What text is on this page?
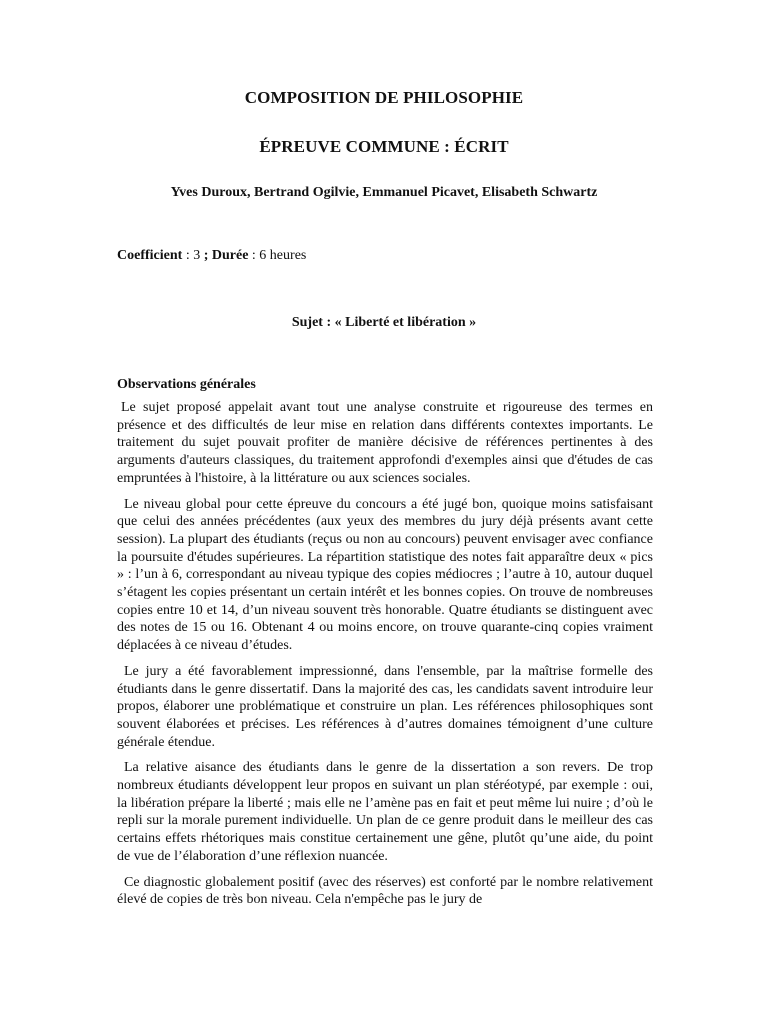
COMPOSITION DE PHILOSOPHIE
ÉPREUVE COMMUNE : ÉCRIT
Yves Duroux, Bertrand Ogilvie, Emmanuel Picavet, Elisabeth Schwartz
Coefficient : 3 ; Durée : 6 heures
Sujet : « Liberté et libération »
Observations générales

Le sujet proposé appelait avant tout une analyse construite et rigoureuse des termes en présence et des difficultés de leur mise en relation dans différents contextes importants. Le traitement du sujet pouvait profiter de manière décisive de références pertinentes à des arguments d'auteurs classiques, du traitement approfondi d'exemples ainsi que d'études de cas empruntées à l'histoire, à la littérature ou aux sciences sociales.

Le niveau global pour cette épreuve du concours a été jugé bon, quoique moins satisfaisant que celui des années précédentes (aux yeux des membres du jury déjà présents avant cette session). La plupart des étudiants (reçus ou non au concours) peuvent envisager avec confiance la poursuite d'études supérieures. La répartition statistique des notes fait apparaître deux « pics » : l’un à 6, correspondant au niveau typique des copies médiocres ; l’autre à 10, autour duquel s’étagent les copies présentant un certain intérêt et les bonnes copies. On trouve de nombreuses copies entre 10 et 14, d’un niveau souvent très honorable. Quatre étudiants se distinguent avec des notes de 15 ou 16. Obtenant 4 ou moins encore, on trouve quarante-cinq copies vraiment déplacées à ce niveau d’études.

Le jury a été favorablement impressionné, dans l'ensemble, par la maîtrise formelle des étudiants dans le genre dissertatif. Dans la majorité des cas, les candidats savent introduire leur propos, élaborer une problématique et construire un plan. Les références philosophiques sont souvent élaborées et précises. Les références à d’autres domaines témoignent d’une culture générale étendue.

La relative aisance des étudiants dans le genre de la dissertation a son revers. De trop nombreux étudiants développent leur propos en suivant un plan stéréotypé, par exemple : oui, la libération prépare la liberté ; mais elle ne l’amène pas en fait et peut même lui nuire ; d’où le repli sur la morale purement individuelle. Un plan de ce genre produit dans le meilleur des cas certains effets rhétoriques mais constitue certainement une gêne, plutôt qu’une aide, du point de vue de l’élaboration d’une réflexion nuancée.

Ce diagnostic globalement positif (avec des réserves) est conforté par le nombre relativement élevé de copies de très bon niveau. Cela n'empêche pas le jury de
